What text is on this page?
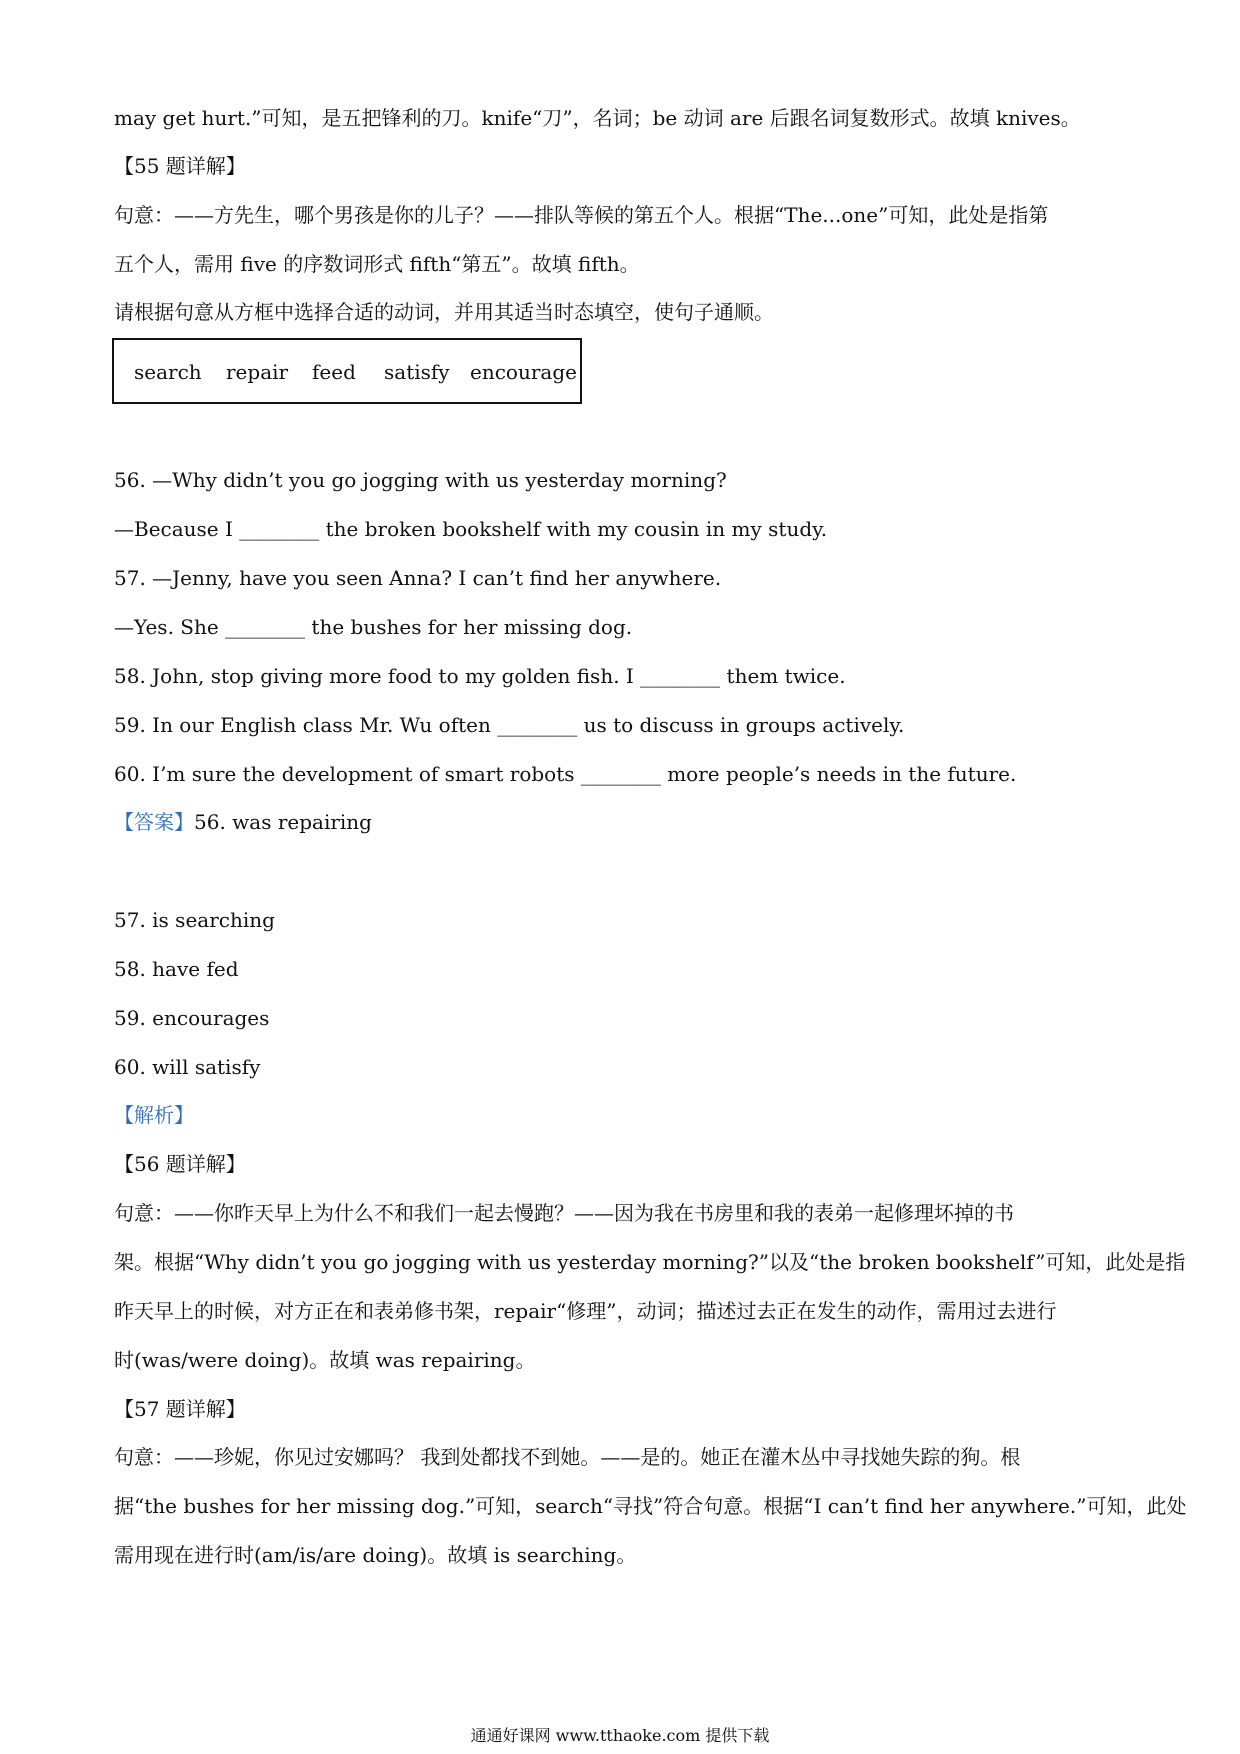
may get hurt.”可知，是五把锋利的刀。knife“刀”，名词；be 动词 are 后跟名词复数形式。故填 knives。
【55 题详解】
句意：——方先生，哪个男孩是你的儿子？——排队等候的第五个人。根据“The...one”可知，此处是指第
五个人，需用 five 的序数词形式 fifth“第五”。故填 fifth。
请根据句意从方框中选择合适的动词，并用其适当时态填空，使句子通顺。
search repair feed satisfy encourage
56. —Why didn’t you go jogging with us yesterday morning?
—Because I ________ the broken bookshelf with my cousin in my study.
57. —Jenny, have you seen Anna? I can’t find her anywhere.
—Yes. She ________ the bushes for her missing dog.
58. John, stop giving more food to my golden fish. I ________ them twice.
59. In our English class Mr. Wu often ________ us to discuss in groups actively.
60. I’m sure the development of smart robots ________ more people’s needs in the future.
【答案】56. was repairing
57. is searching
58. have fed
59. encourages
60. will satisfy
【解析】
【56 题详解】
句意：——你昨天早上为什么不和我们一起去慢跑？——因为我在书房里和我的表弟一起修理坏掉的书
架。根据“Why didn’t you go jogging with us yesterday morning?”以及“the broken bookshelf”可知，此处是指
昨天早上的时候，对方正在和表弟修书架，repair“修理”，动词；描述过去正在发生的动作，需用过去进行
时(was/were doing)。故填 was repairing。
【57 题详解】
句意：——珍妮，你见过安娜吗？ 我到处都找不到她。——是的。她正在灌木丛中寻找她失踪的狗。根
据“the bushes for her missing dog.”可知，search“寻找”符合句意。根据“I can’t find her anywhere.”可知，此处
需用现在进行时(am/is/are doing)。故填 is searching。
通通好课网 www.tthaoke.com 提供下载
